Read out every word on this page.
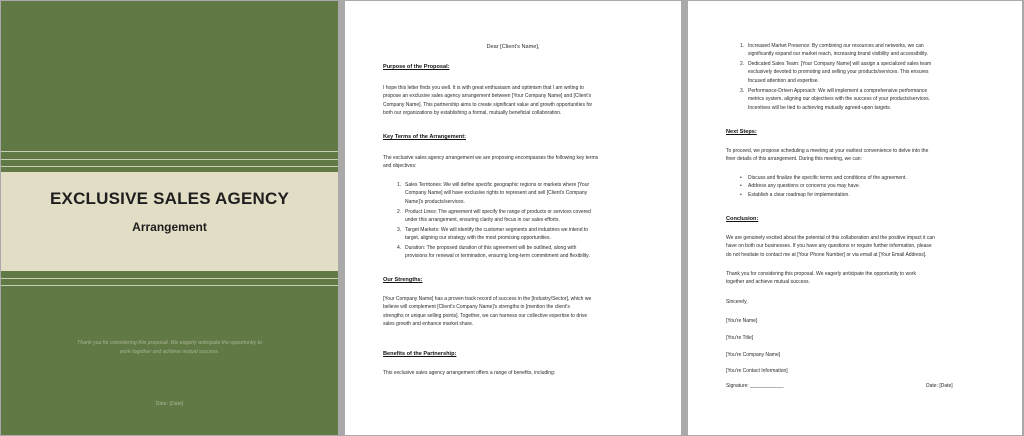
EXCLUSIVE SALES AGENCY
Arrangement
Thank you for considering this proposal. We eagerly anticipate the opportunity to
work together and achieve mutual success.
Date: [Date]
Dear [Client's Name],
Purpose of the Proposal:
I hope this letter finds you well. It is with great enthusiasm and optimism that I am writing to
propose an exclusive sales agency arrangement between [Your Company Name] and [Client's
Company Name]. This partnership aims to create significant value and growth opportunities for
both our organizations by establishing a formal, mutually beneficial collaboration.
Key Terms of the Arrangement:
The exclusive sales agency arrangement we are proposing encompasses the following key terms
and objectives:
1. Sales Territories: We will define specific geographic regions or markets where [Your
Company Name] will have exclusive rights to represent and sell [Client's Company
Name]'s products/services.
2. Product Lines: The agreement will specify the range of products or services covered
under this arrangement, ensuring clarity and focus in our sales efforts.
3. Target Markets: We will identify the customer segments and industries we intend to
target, aligning our strategy with the most promising opportunities.
4. Duration: The proposed duration of this agreement will be outlined, along with
provisions for renewal or termination, ensuring long-term commitment and flexibility.
Our Strengths:
[Your Company Name] has a proven track record of success in the [Industry/Sector], which we
believe will complement [Client's Company Name]'s strengths in [mention the client's
strengths or unique selling points]. Together, we can harness our collective expertise to drive
sales growth and enhance market share.
Benefits of the Partnership:
This exclusive sales agency arrangement offers a range of benefits, including:
1. Increased Market Presence: By combining our resources and networks, we can
significantly expand our market reach, increasing brand visibility and accessibility.
2. Dedicated Sales Team: [Your Company Name] will assign a specialized sales team
exclusively devoted to promoting and selling your products/services. This ensures
focused attention and expertise.
3. Performance-Driven Approach: We will implement a comprehensive performance
metrics system, aligning our objectives with the success of your products/services.
Incentives will be tied to achieving mutually agreed-upon targets.
Next Steps:
To proceed, we propose scheduling a meeting at your earliest convenience to delve into the
finer details of this arrangement. During this meeting, we can:
• Discuss and finalize the specific terms and conditions of the agreement.
• Address any questions or concerns you may have.
• Establish a clear roadmap for implementation.
Conclusion:
We are genuinely excited about the potential of this collaboration and the positive impact it can
have on both our businesses. If you have any questions or require further information, please
do not hesitate to contact me at [Your Phone Number] or via email at [Your Email Address].
Thank you for considering this proposal. We eagerly anticipate the opportunity to work
together and achieve mutual success.
Sincerely,
[You're Name]
[You're Title]
[You're Company Name]
[You're Contact Information]
Signature: ____________	Date: [Date]
